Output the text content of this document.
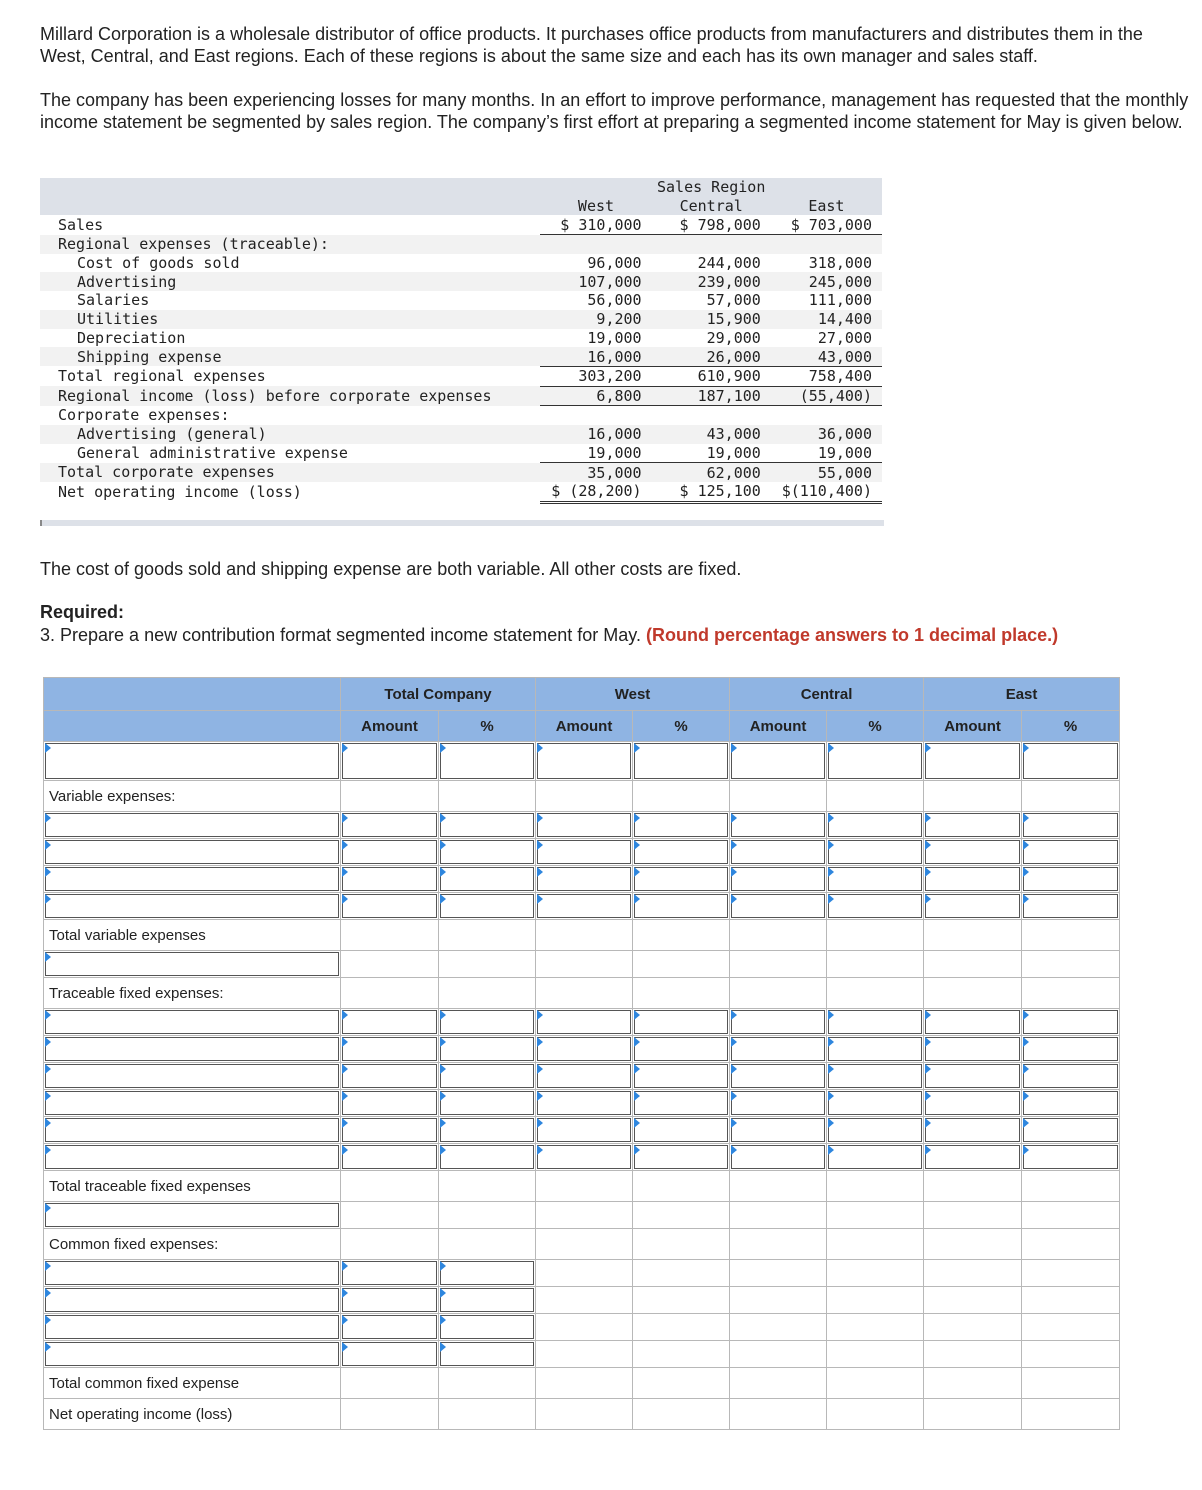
Millard Corporation is a wholesale distributor of office products. It purchases office products from manufacturers and distributes them in the West, Central, and East regions. Each of these regions is about the same size and each has its own manager and sales staff.

The company has been experiencing losses for many months. In an effort to improve performance, management has requested that the monthly income statement be segmented by sales region. The company’s first effort at preparing a segmented income statement for May is given below.

		Sales Region	
	West	Central	East
Sales	$ 310,000	$ 798,000	$ 703,000
Regional expenses (traceable):			
Cost of goods sold	96,000	244,000	318,000
Advertising	107,000	239,000	245,000
Salaries	56,000	57,000	111,000
Utilities	9,200	15,900	14,400
Depreciation	19,000	29,000	27,000
Shipping expense	16,000	26,000	43,000
Total regional expenses	303,200	610,900	758,400
Regional income (loss) before corporate expenses	6,800	187,100	(55,400)
Corporate expenses:			
Advertising (general)	16,000	43,000	36,000
General administrative expense	19,000	19,000	19,000
Total corporate expenses	35,000	62,000	55,000
Net operating income (loss)	$ (28,200)	$ 125,100	$(110,400)

The cost of goods sold and shipping expense are both variable. All other costs are fixed.

Required:

3. Prepare a new contribution format segmented income statement for May. (Round percentage answers to 1 decimal place.)

	Total Company		West		Central		East	
	Amount	%	Amount	%	Amount	%	Amount	%

Variable expenses:								

Total variable expenses								

Traceable fixed expenses:								

Total traceable fixed expenses								

Common fixed expenses:								

Total common fixed expense								
Net operating income (loss)								
